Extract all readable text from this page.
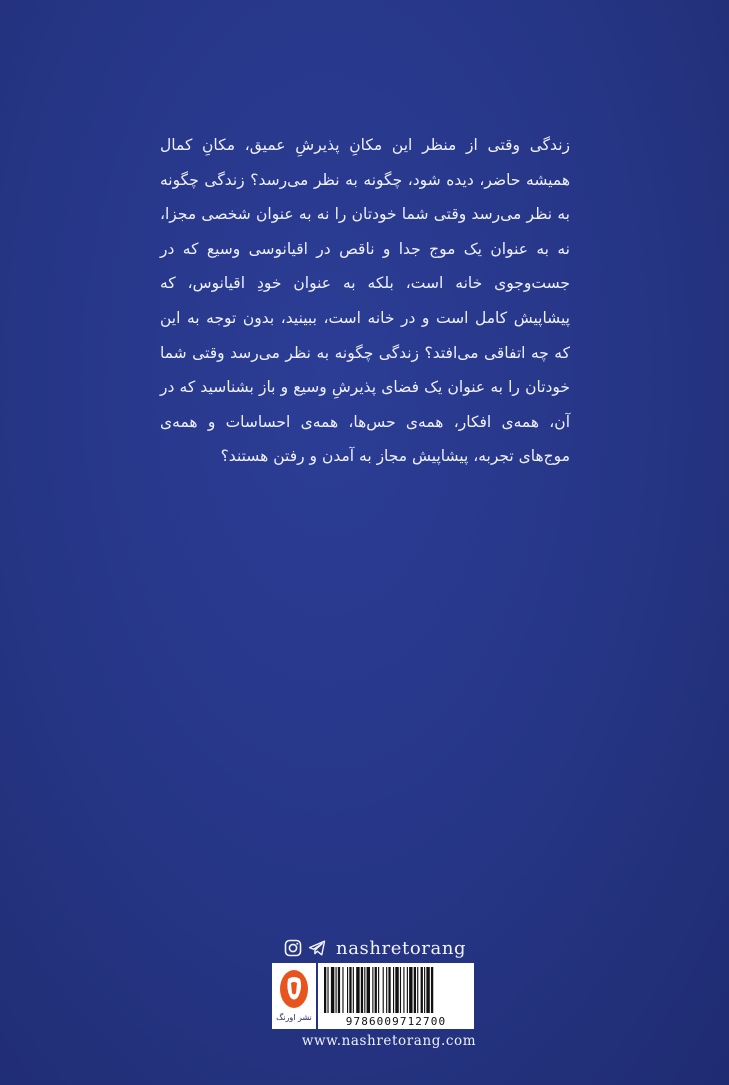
زندگی وقتی از منظر این مکانِ پذیرشِ عمیق، مکانِ کمال همیشه حاضر، دیده شود، چگونه به نظر می‌رسد؟ زندگی چگونه به نظر می‌رسد وقتی شما خودتان را نه به عنوان شخصی مجزا، نه به عنوان یک موج جدا و ناقص در اقیانوسی وسیع که در جست‌وجوی خانه است، بلکه به عنوان خودِ اقیانوس، که پیشاپیش کامل است و در خانه است، ببینید، بدون توجه به این که چه اتفاقی می‌افتد؟ زندگی چگونه به نظر می‌رسد وقتی شما خودتان را به عنوان یک فضای پذیرشِ وسیع و باز بشناسید که در آن، همه‌ی افکار، همه‌ی حس‌ها، همه‌ی احساسات و همه‌ی موج‌های تجربه، پیشاپیش مجاز به آمدن و رفتن هستند؟
nashretorang
نشر اورنگ	9786009712700
www.nashretorang.com
